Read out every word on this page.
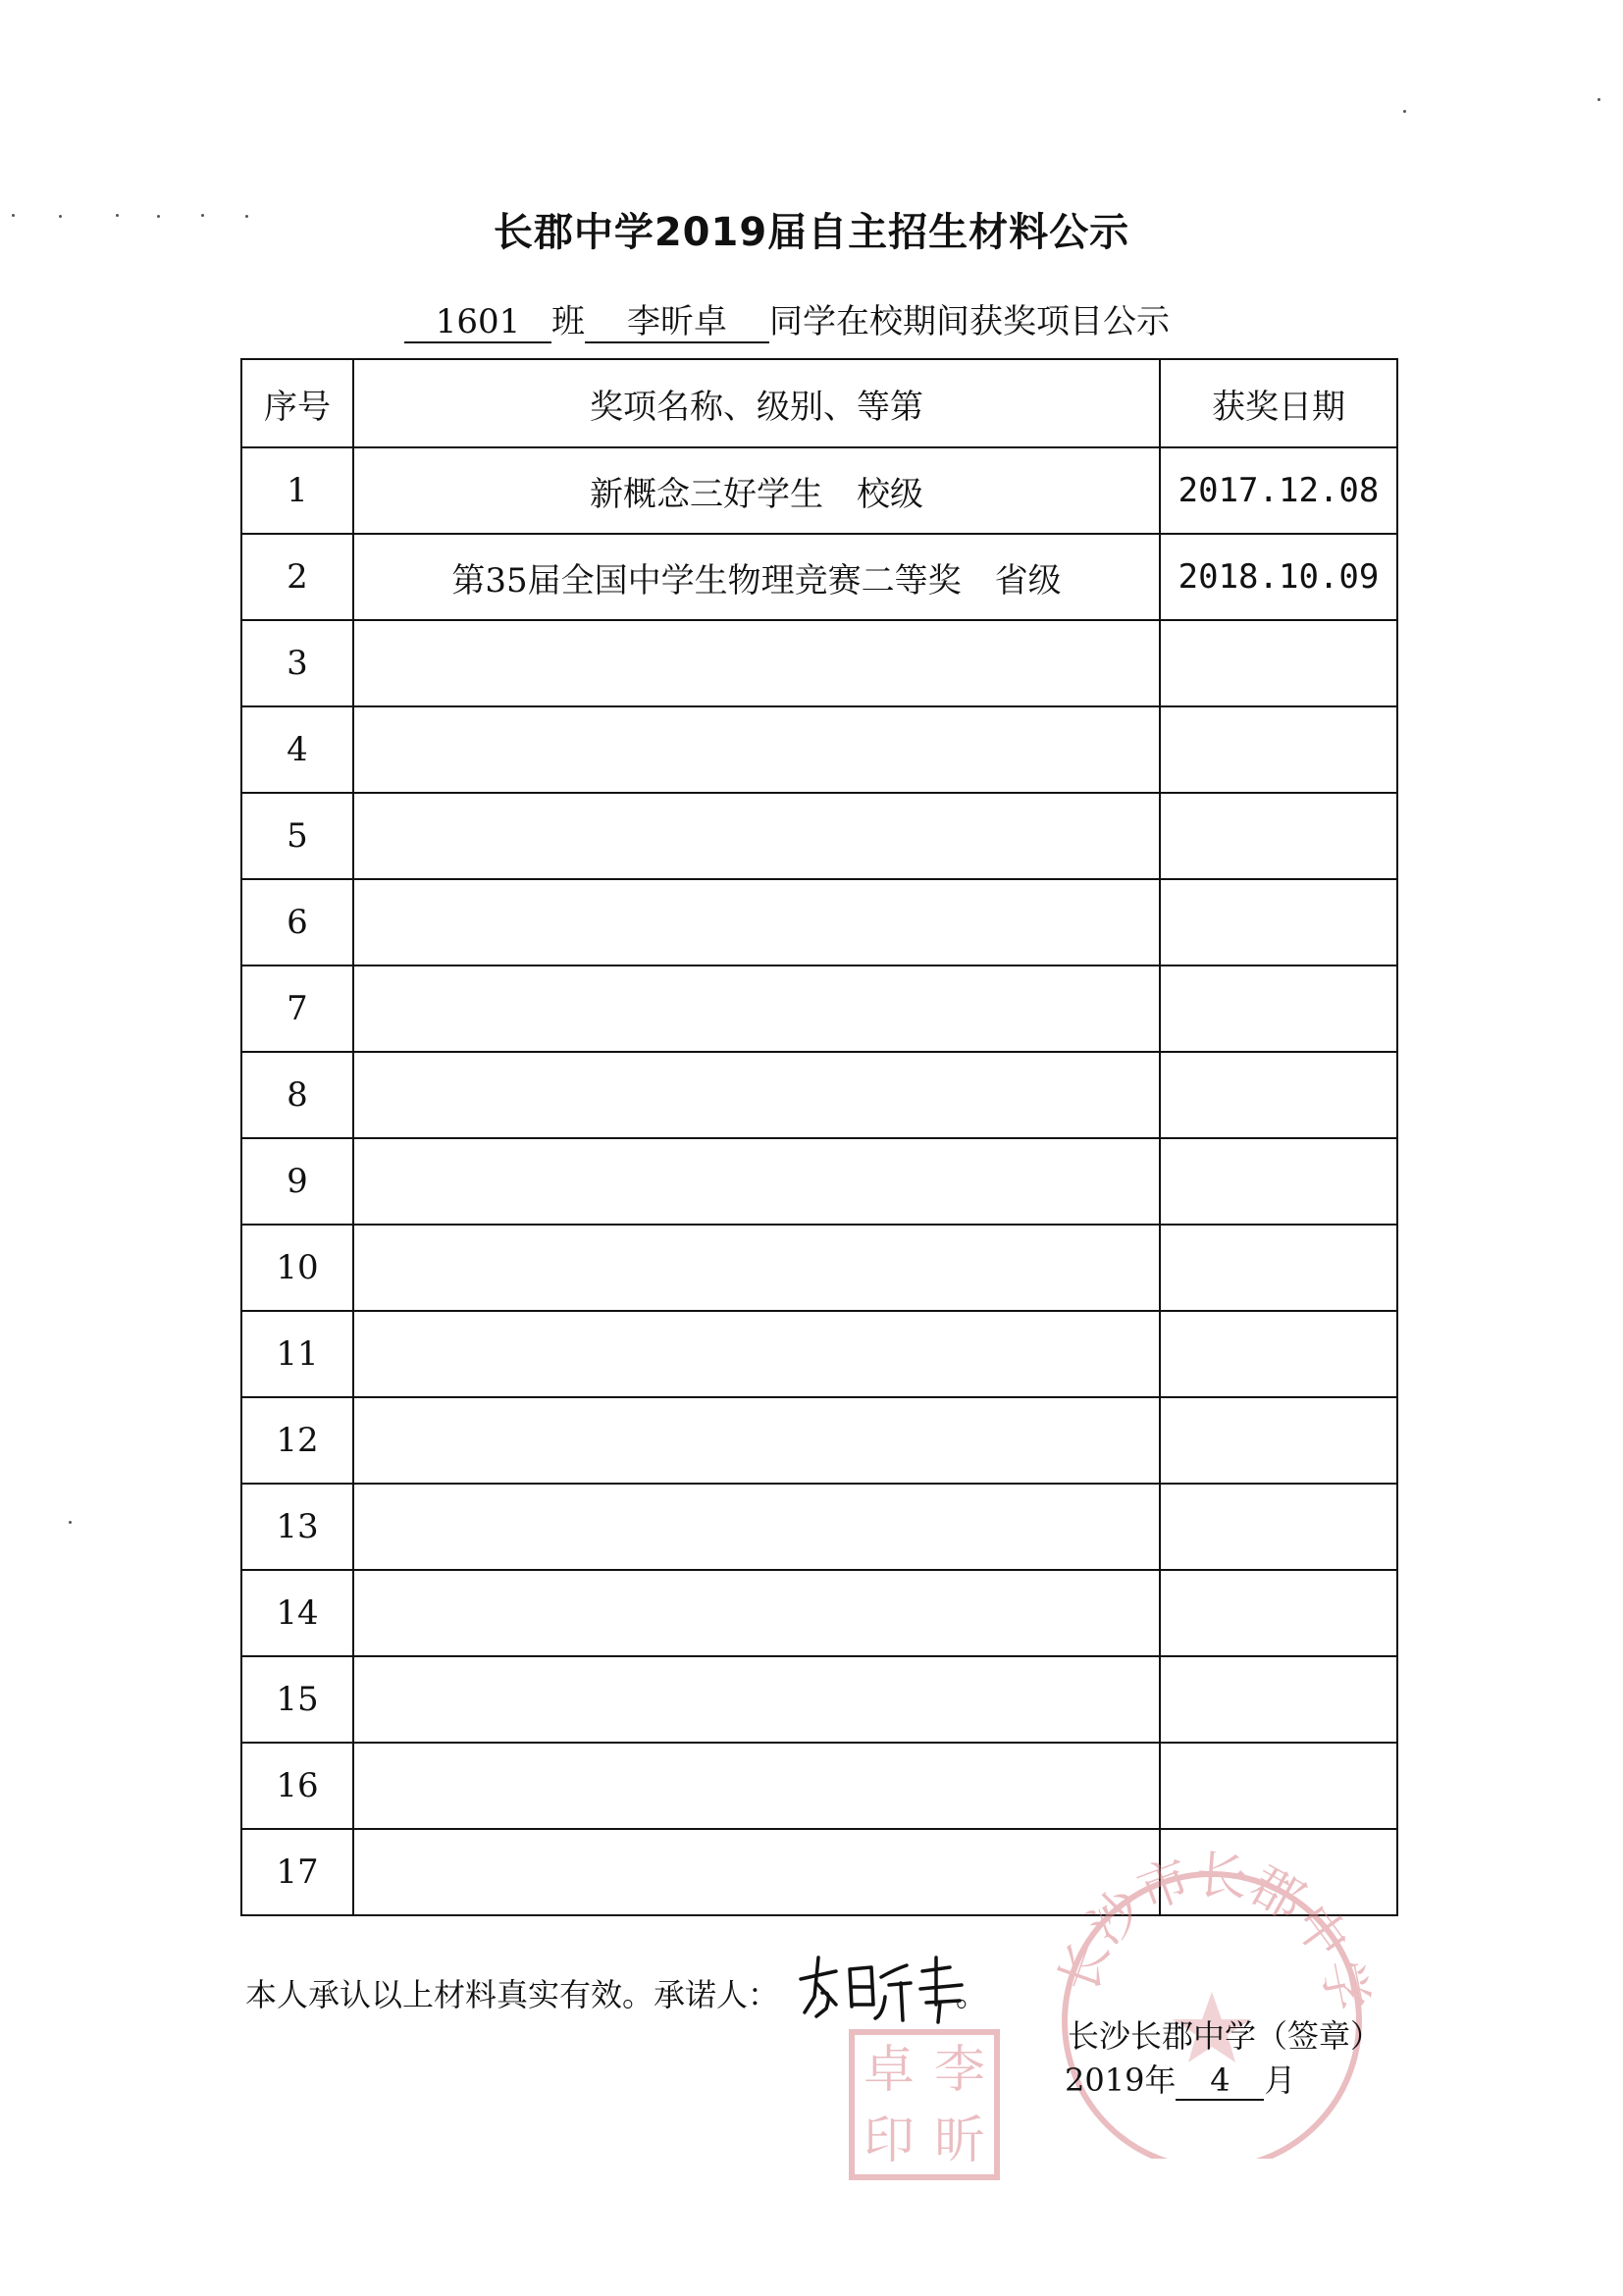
长郡中学2019届自主招生材料公示
1601 班 李昕卓 同学在校期间获奖项目公示
序号	奖项名称、级别、等第	获奖日期
1	新概念三好学生　校级	2017.12.08
2	第35届全国中学生物理竞赛二等奖　省级	2018.10.09
3		
4		
5		
6		
7		
8		
9		
10		
11		
12		
13		
14		
15		
16		
17		
本人承认以上材料真实有效。承诺人：	。 长沙市长郡中学
李
昕
卓
印
长沙长郡中学（签章）
2019年 4 月
